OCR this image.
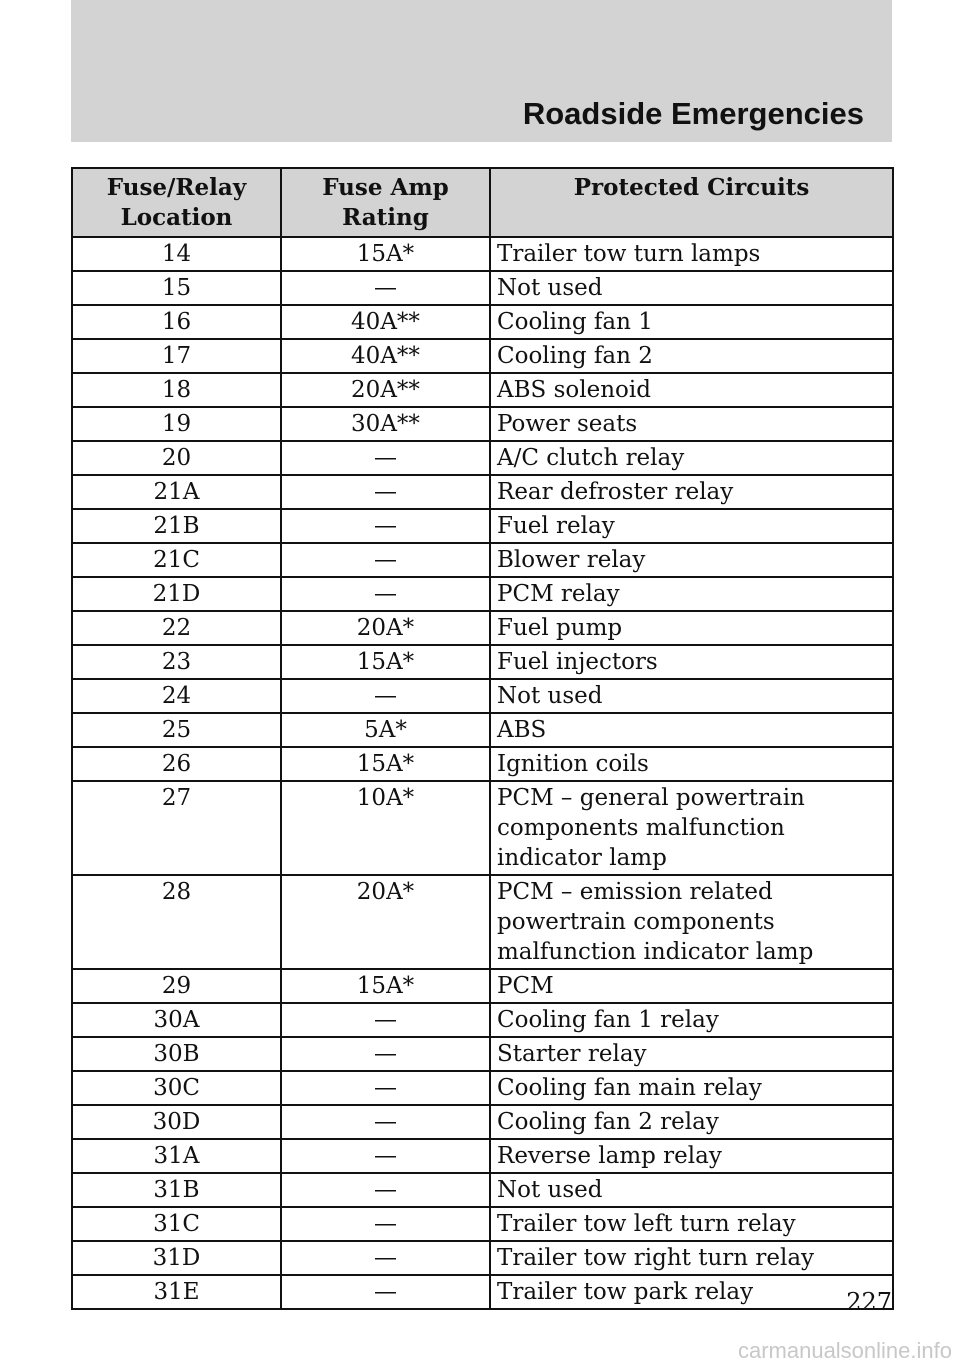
Roadside Emergencies
Fuse/Relay Location	Fuse Amp Rating	Protected Circuits
14	15A*	Trailer tow turn lamps
15	—	Not used
16	40A**	Cooling fan 1
17	40A**	Cooling fan 2
18	20A**	ABS solenoid
19	30A**	Power seats
20	—	A/C clutch relay
21A	—	Rear defroster relay
21B	—	Fuel relay
21C	—	Blower relay
21D	—	PCM relay
22	20A*	Fuel pump
23	15A*	Fuel injectors
24	—	Not used
25	5A*	ABS
26	15A*	Ignition coils
27	10A*	PCM – general powertrain components malfunction indicator lamp
28	20A*	PCM – emission related powertrain components malfunction indicator lamp
29	15A*	PCM
30A	—	Cooling fan 1 relay
30B	—	Starter relay
30C	—	Cooling fan main relay
30D	—	Cooling fan 2 relay
31A	—	Reverse lamp relay
31B	—	Not used
31C	—	Trailer tow left turn relay
31D	—	Trailer tow right turn relay
31E	—	Trailer tow park relay	227
carmanualsonline.info
